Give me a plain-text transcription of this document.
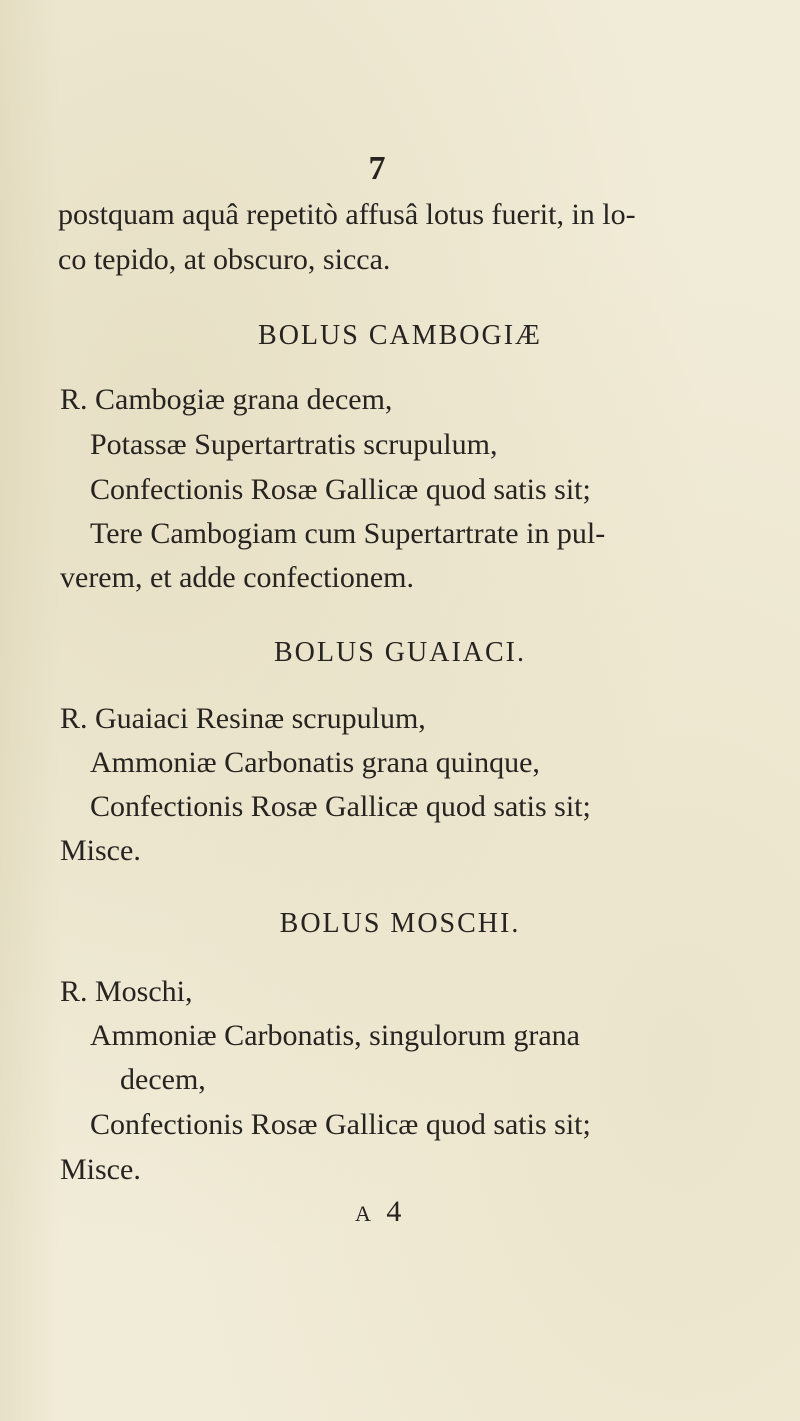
7
postquam aquâ repetitò affusâ lotus fuerit, in lo-
co tepido, at obscuro, sicca.
BOLUS CAMBOGIÆ
R. Cambogiæ grana decem,
Potassæ Supertartratis scrupulum,
Confectionis Rosæ Gallicæ quod satis sit;
Tere Cambogiam cum Supertartrate in pul-
verem, et adde confectionem.
BOLUS GUAIACI.
R. Guaiaci Resinæ scrupulum,
Ammoniæ Carbonatis grana quinque,
Confectionis Rosæ Gallicæ quod satis sit;
Misce.
BOLUS MOSCHI.
R. Moschi,
Ammoniæ Carbonatis, singulorum grana
decem,
Confectionis Rosæ Gallicæ quod satis sit;
Misce.
A 4
